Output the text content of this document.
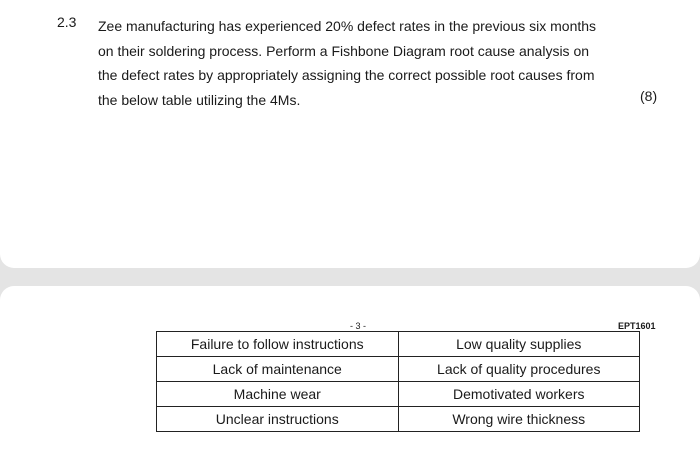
2.3 Zee manufacturing has experienced 20% defect rates in the previous six months
on their soldering process. Perform a Fishbone Diagram root cause analysis on
the defect rates by appropriately assigning the correct possible root causes from
the below table utilizing the 4Ms.	(8)
- 3 -	EPT1601
Failure to follow instructions	Low quality supplies
Lack of maintenance	Lack of quality procedures
Machine wear	Demotivated workers
Unclear instructions	Wrong wire thickness
